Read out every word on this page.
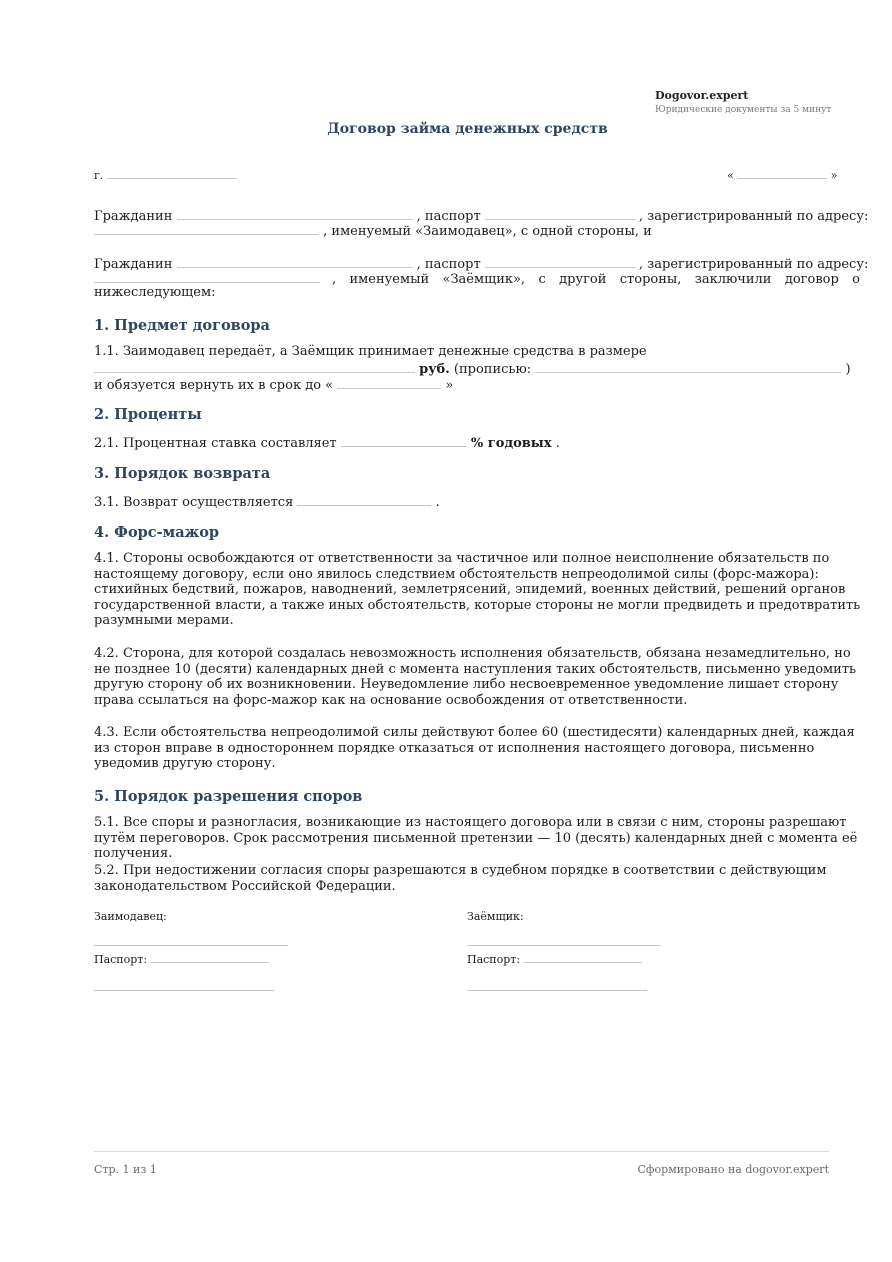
Dogovor.expert
Юридические документы за 5 минут
Договор займа денежных средств
г.	«	»
Гражданин	, паспорт	, зарегистрированный по адресу:
, именуемый «Заимодавец», с одной стороны, и
Гражданин	, паспорт	, зарегистрированный по адресу:
, именуемый «Заёмщик», с другой стороны, заключили договор о
нижеследующем:
1. Предмет договора
1.1. Заимодавец передаёт, а Заёмщик принимает денежные средства в размере
руб. (прописью:	)
и обязуется вернуть их в срок до «	»
2. Проценты
2.1. Процентная ставка составляет	% годовых .
3. Порядок возврата
3.1. Возврат осуществляется	.
4. Форс-мажор
4.1. Стороны освобождаются от ответственности за частичное или полное неисполнение обязательств по настоящему договору, если оно явилось следствием обстоятельств непреодолимой силы (форс-мажора): стихийных бедствий, пожаров, наводнений, землетрясений, эпидемий, военных действий, решений органов государственной власти, а также иных обстоятельств, которые стороны не могли предвидеть и предотвратить разумными мерами.
4.2. Сторона, для которой создалась невозможность исполнения обязательств, обязана незамедлительно, но не позднее 10 (десяти) календарных дней с момента наступления таких обстоятельств, письменно уведомить другую сторону об их возникновении. Неуведомление либо несвоевременное уведомление лишает сторону права ссылаться на форс-мажор как на основание освобождения от ответственности.
4.3. Если обстоятельства непреодолимой силы действуют более 60 (шестидесяти) календарных дней, каждая из сторон вправе в одностороннем порядке отказаться от исполнения настоящего договора, письменно уведомив другую сторону.
5. Порядок разрешения споров
5.1. Все споры и разногласия, возникающие из настоящего договора или в связи с ним, стороны разрешают путём переговоров. Срок рассмотрения письменной претензии — 10 (десять) календарных дней с момента её получения.
5.2. При недостижении согласия споры разрешаются в судебном порядке в соответствии с действующим законодательством Российской Федерации.
Заимодавец:
Паспорт:
Заёмщик:
Паспорт:
Стр. 1 из 1	Сформировано на dogovor.expert
